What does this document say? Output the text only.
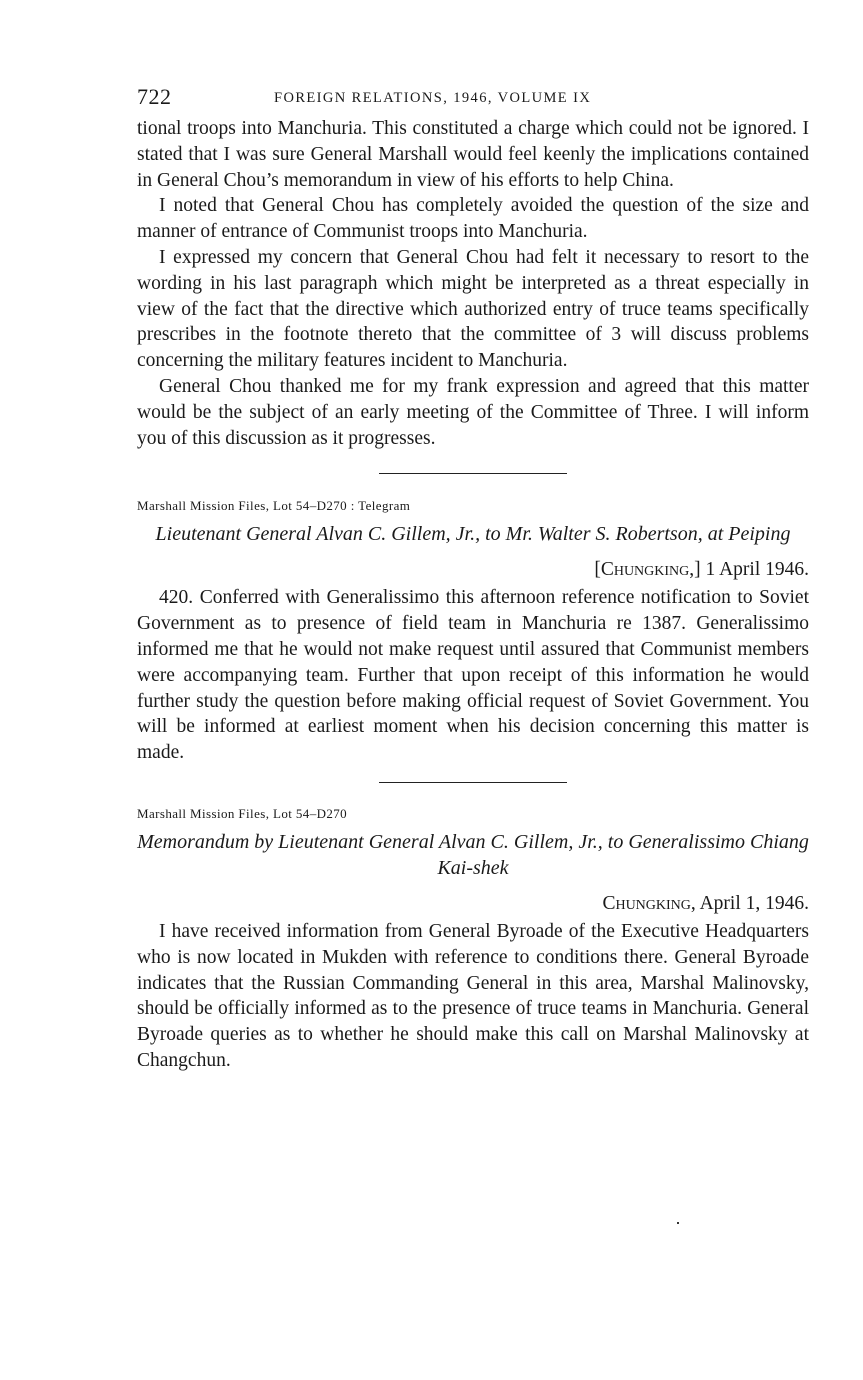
722	FOREIGN RELATIONS, 1946, VOLUME IX

tional troops into Manchuria. This constituted a charge which could not be ignored. I stated that I was sure General Marshall would feel keenly the implications contained in General Chou’s memorandum in view of his efforts to help China.

I noted that General Chou has completely avoided the question of the size and manner of entrance of Communist troops into Manchuria.

I expressed my concern that General Chou had felt it necessary to resort to the wording in his last paragraph which might be interpreted as a threat especially in view of the fact that the directive which authorized entry of truce teams specifically prescribes in the footnote thereto that the committee of 3 will discuss problems concerning the military features incident to Manchuria.

General Chou thanked me for my frank expression and agreed that this matter would be the subject of an early meeting of the Committee of Three. I will inform you of this discussion as it progresses.

Marshall Mission Files, Lot 54–D270 : Telegram
Lieutenant General Alvan C. Gillem, Jr., to Mr. Walter S. Robertson, at Peiping
[Chungking,] 1 April 1946.

420. Conferred with Generalissimo this afternoon reference notification to Soviet Government as to presence of field team in Manchuria re 1387. Generalissimo informed me that he would not make request until assured that Communist members were accompanying team. Further that upon receipt of this information he would further study the question before making official request of Soviet Government. You will be informed at earliest moment when his decision concerning this matter is made.

Marshall Mission Files, Lot 54–D270
Memorandum by Lieutenant General Alvan C. Gillem, Jr., to Generalissimo Chiang Kai-shek
Chungking, April 1, 1946.

I have received information from General Byroade of the Executive Headquarters who is now located in Mukden with reference to conditions there. General Byroade indicates that the Russian Commanding General in this area, Marshal Malinovsky, should be officially informed as to the presence of truce teams in Manchuria. General Byroade queries as to whether he should make this call on Marshal Malinovsky at Changchun.
